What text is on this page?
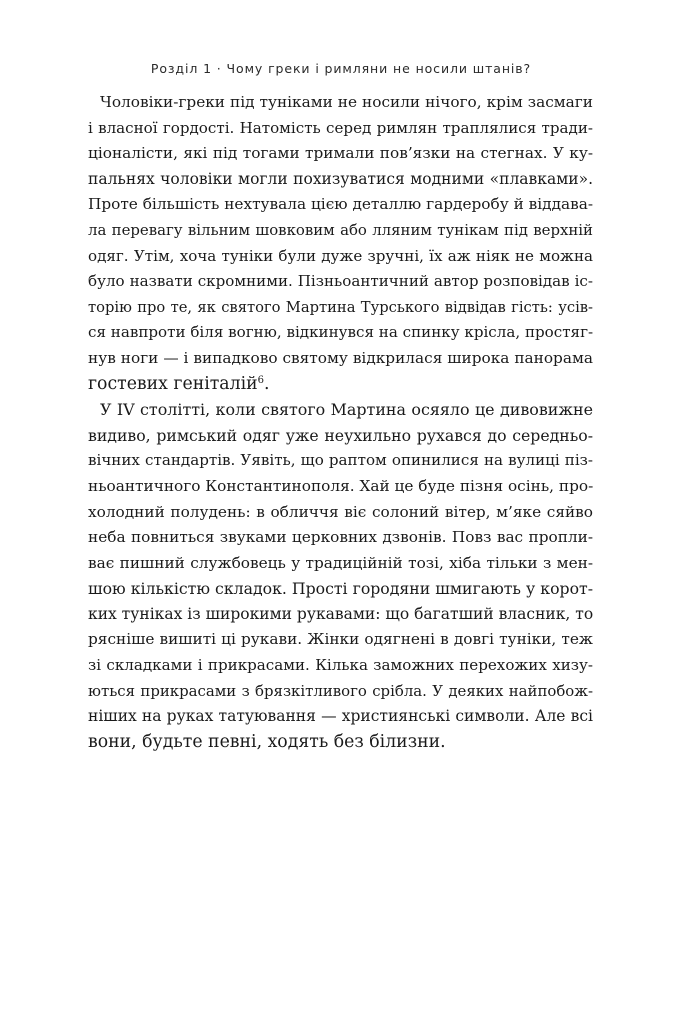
Розділ 1 · Чому греки і римляни не носили штанів?
Чоловіки-греки під туніками не носили нічого, крім засмаги
і власної гордості. Натомість серед римлян траплялися тради-
ціоналісти, які під тогами тримали пов’язки на стегнах. У ку-
пальнях чоловіки могли похизуватися модними «плавками».
Проте більшість нехтувала цією деталлю гардеробу й віддава-
ла перевагу вільним шовковим або лляним тунікам під верхній
одяг. Утім, хоча туніки були дуже зручні, їх аж ніяк не можна
було назвати скромними. Пізньоантичний автор розповідав іс-
торію про те, як святого Мартина Турського відвідав гість: усів-
ся навпроти біля вогню, відкинувся на спинку крісла, простяг-
нув ноги — і випадково святому відкрилася широка панорама
гостевих геніталій$^6$.
У IV столітті, коли святого Мартина осяяло це дивовижне
видиво, римський одяг уже неухильно рухався до середньо-
вічних стандартів. Уявіть, що раптом опинилися на вулиці піз-
ньоантичного Константинополя. Хай це буде пізня осінь, про-
холодний полудень: в обличчя віє солоний вітер, м’яке сяйво
неба повниться звуками церковних дзвонів. Повз вас пропли-
ває пишний службовець у традиційній тозі, хіба тільки з мен-
шою кількістю складок. Прості городяни шмигають у корот-
ких туніках із широкими рукавами: що багатший власник, то
рясніше вишиті ці рукави. Жінки одягнені в довгі туніки, теж
зі складками і прикрасами. Кілька заможних перехожих хизу-
ються прикрасами з брязкітливого срібла. У деяких найпобож-
ніших на руках татуювання — християнські символи. Але всі
вони, будьте певні, ходять без білизни.
